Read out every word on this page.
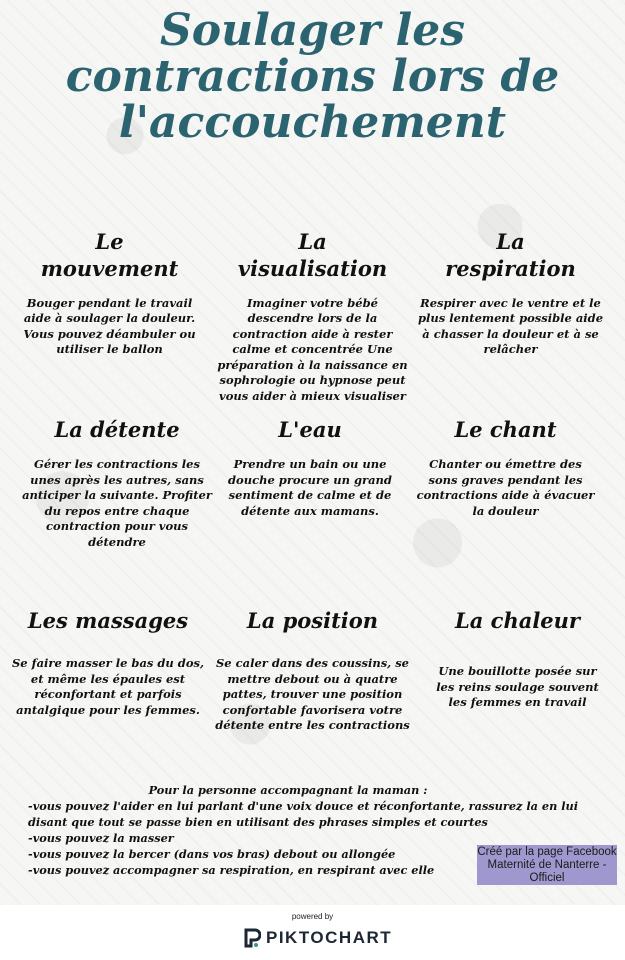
Soulager les contractions lors de l'accouchement
Le
mouvement

Bouger pendant le travail aide à soulager la douleur. Vous pouvez déambuler ou utiliser le ballon

La
visualisation

Imaginer votre bébé descendre lors de la contraction aide à rester calme et concentrée Une préparation à la naissance en sophrologie ou hypnose peut vous aider à mieux visualiser

La
respiration

Respirer avec le ventre et le plus lentement possible aide à chasser la douleur et à se relâcher

La détente

Gérer les contractions les unes après les autres, sans anticiper la suivante. Profiter du repos entre chaque contraction pour vous détendre

L'eau

Prendre un bain ou une douche procure un grand sentiment de calme et de détente aux mamans.

Le chant

Chanter ou émettre des sons graves pendant les contractions aide à évacuer la douleur

Les massages

Se faire masser le bas du dos, et même les épaules est réconfortant et parfois antalgique pour les femmes.

La position

Se caler dans des coussins, se mettre debout ou à quatre pattes, trouver une position confortable favorisera votre détente entre les contractions

La chaleur

Une bouillotte posée sur les reins soulage souvent les femmes en travail

Pour la personne accompagnant la maman :
-vous pouvez l'aider en lui parlant d'une voix douce et réconfortante, rassurez la en lui disant que tout se passe bien en utilisant des phrases simples et courtes
-vous pouvez la masser
-vous pouvez la bercer (dans vos bras) debout ou allongée
-vous pouvez accompagner sa respiration, en respirant avec elle
Créé par la page Facebook Maternité de Nanterre - Officiel
powered by
PIKTOCHART
